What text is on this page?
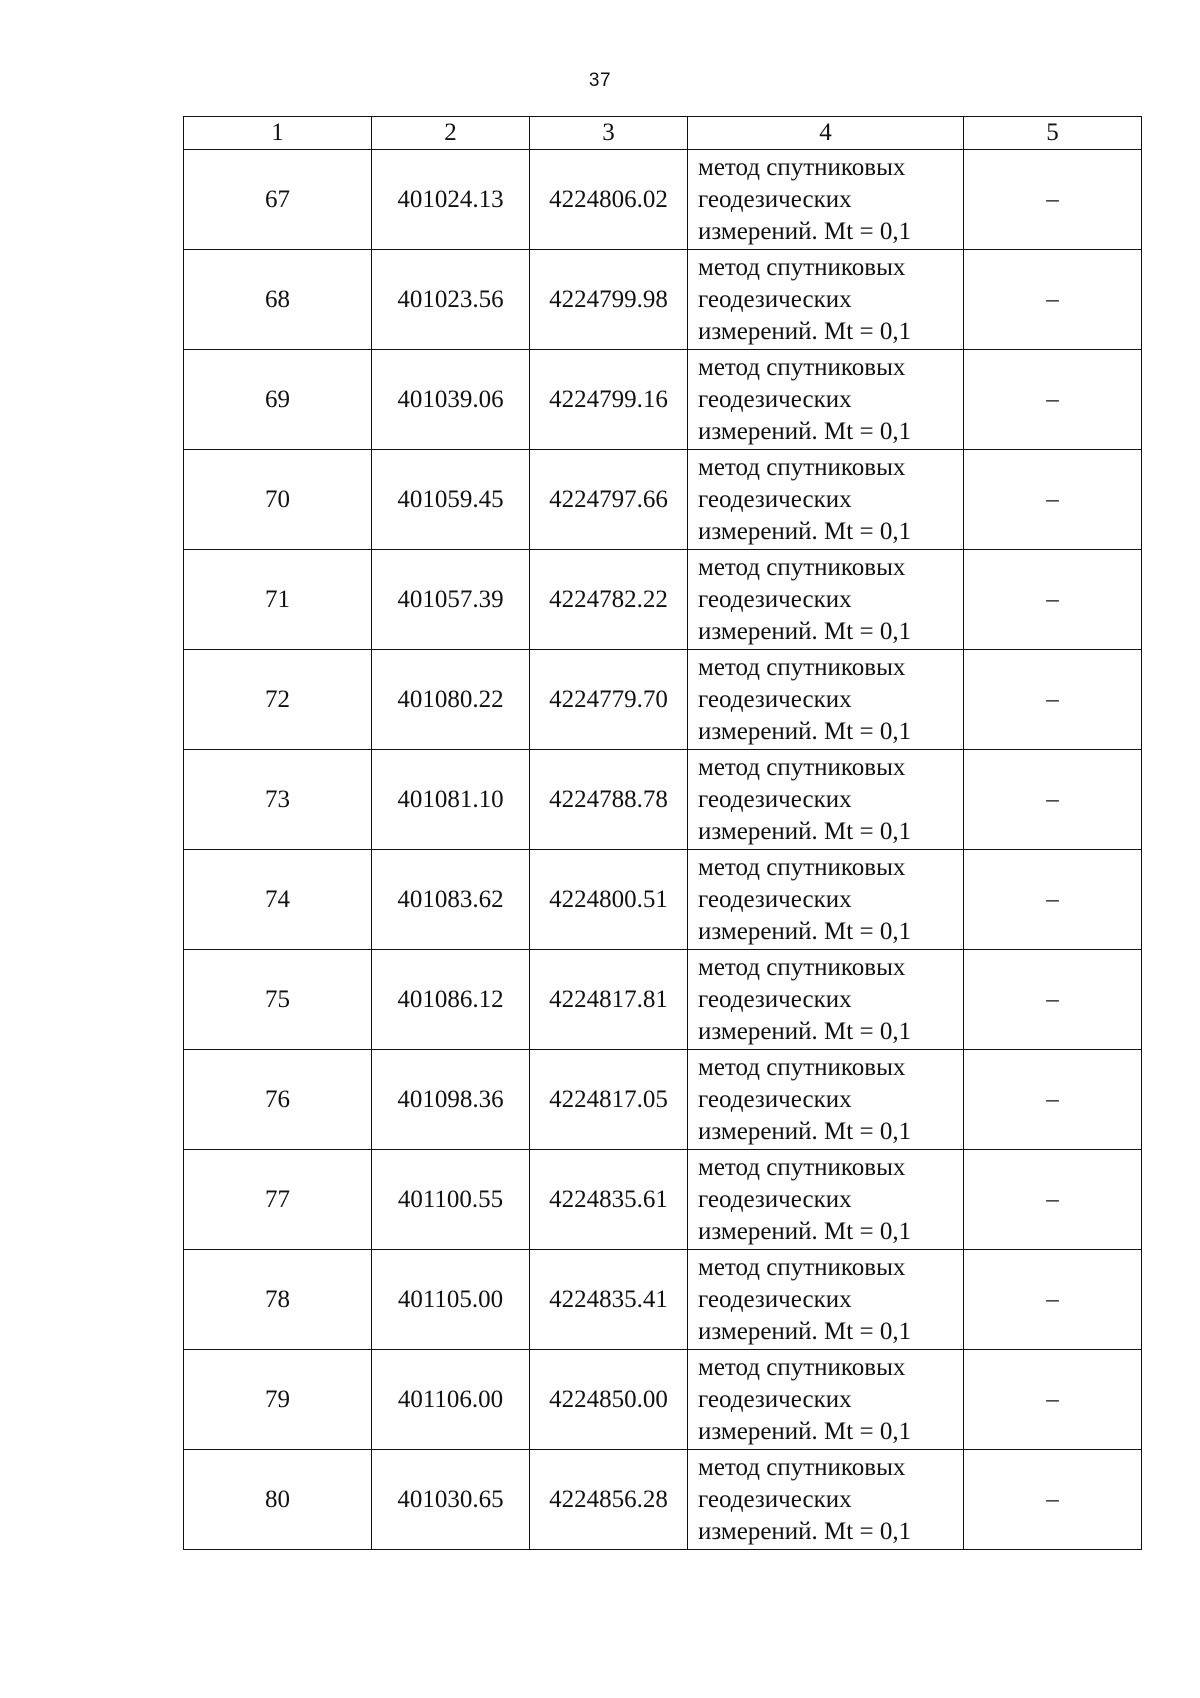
37
1	2	3	4	5
67	401024.13	4224806.02	метод спутниковых
геодезических
измерений. Mt = 0,1	–
68	401023.56	4224799.98	метод спутниковых
геодезических
измерений. Mt = 0,1	–
69	401039.06	4224799.16	метод спутниковых
геодезических
измерений. Mt = 0,1	–
70	401059.45	4224797.66	метод спутниковых
геодезических
измерений. Mt = 0,1	–
71	401057.39	4224782.22	метод спутниковых
геодезических
измерений. Mt = 0,1	–
72	401080.22	4224779.70	метод спутниковых
геодезических
измерений. Mt = 0,1	–
73	401081.10	4224788.78	метод спутниковых
геодезических
измерений. Mt = 0,1	–
74	401083.62	4224800.51	метод спутниковых
геодезических
измерений. Mt = 0,1	–
75	401086.12	4224817.81	метод спутниковых
геодезических
измерений. Mt = 0,1	–
76	401098.36	4224817.05	метод спутниковых
геодезических
измерений. Mt = 0,1	–
77	401100.55	4224835.61	метод спутниковых
геодезических
измерений. Mt = 0,1	–
78	401105.00	4224835.41	метод спутниковых
геодезических
измерений. Mt = 0,1	–
79	401106.00	4224850.00	метод спутниковых
геодезических
измерений. Mt = 0,1	–
80	401030.65	4224856.28	метод спутниковых
геодезических
измерений. Mt = 0,1	–
